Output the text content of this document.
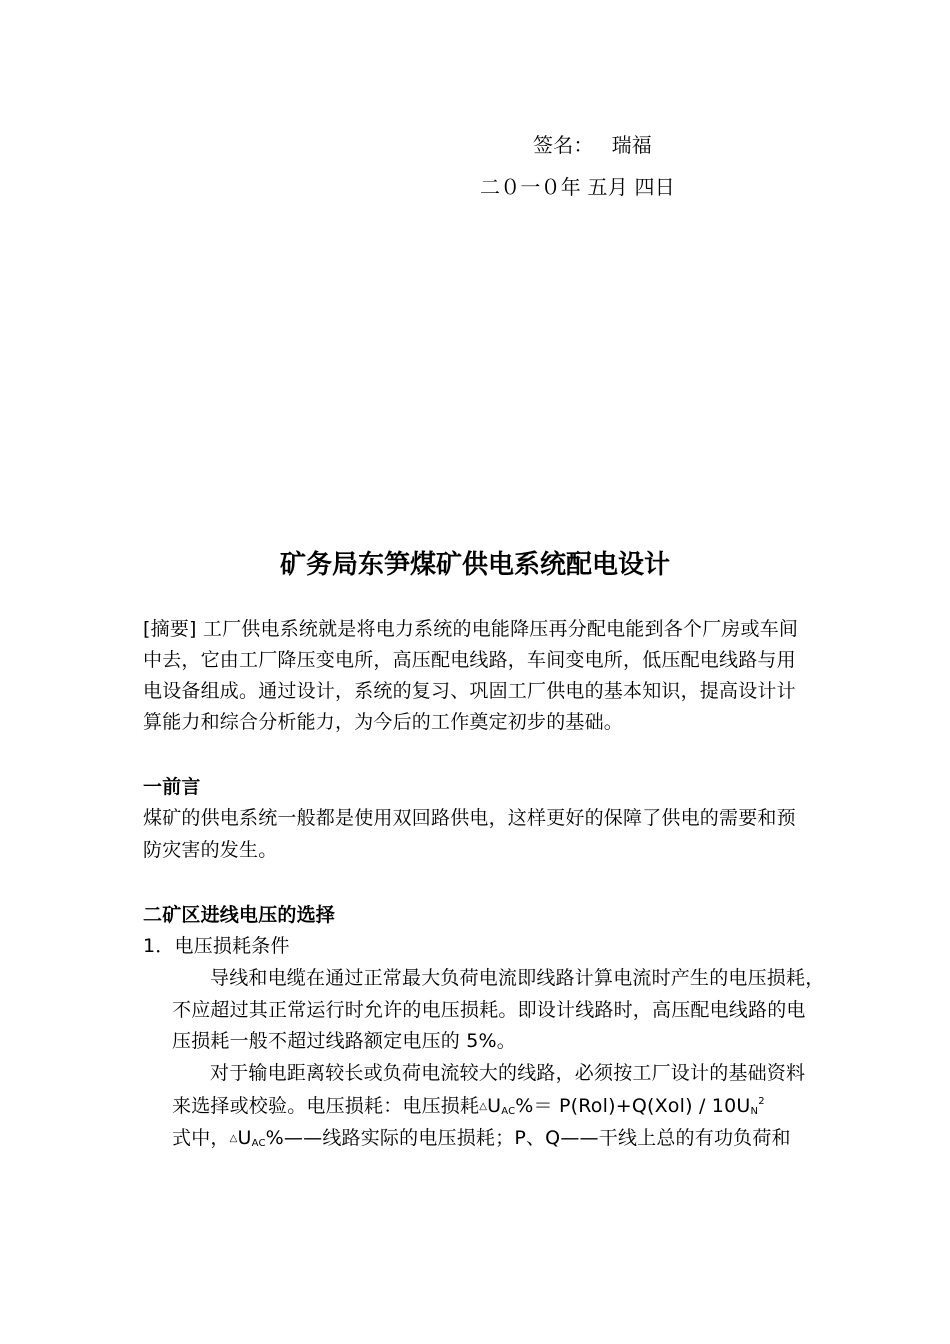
签名： 瑞福
二０一０年 五月 四日
矿务局东笋煤矿供电系统配电设计
[摘要] 工厂供电系统就是将电力系统的电能降压再分配电能到各个厂房或车间
中去，它由工厂降压变电所，高压配电线路，车间变电所，低压配电线路与用
电设备组成。通过设计，系统的复习、巩固工厂供电的基本知识，提高设计计
算能力和综合分析能力，为今后的工作奠定初步的基础。
一前言
煤矿的供电系统一般都是使用双回路供电，这样更好的保障了供电的需要和预
防灾害的发生。
二矿区进线电压的选择
1．电压损耗条件
导线和电缆在通过正常最大负荷电流即线路计算电流时产生的电压损耗，
不应超过其正常运行时允许的电压损耗。即设计线路时，高压配电线路的电
压损耗一般不超过线路额定电压的 5%。
对于输电距离较长或负荷电流较大的线路，必须按工厂设计的基础资料
来选择或校验。电压损耗：电压损耗$\triangle U_{AC}\%= P(Rol)+Q(Xol) / 10U_N^2$
式中，$\triangle U_{AC}\%——$线路实际的电压损耗；P、Q——干线上总的有功负荷和
